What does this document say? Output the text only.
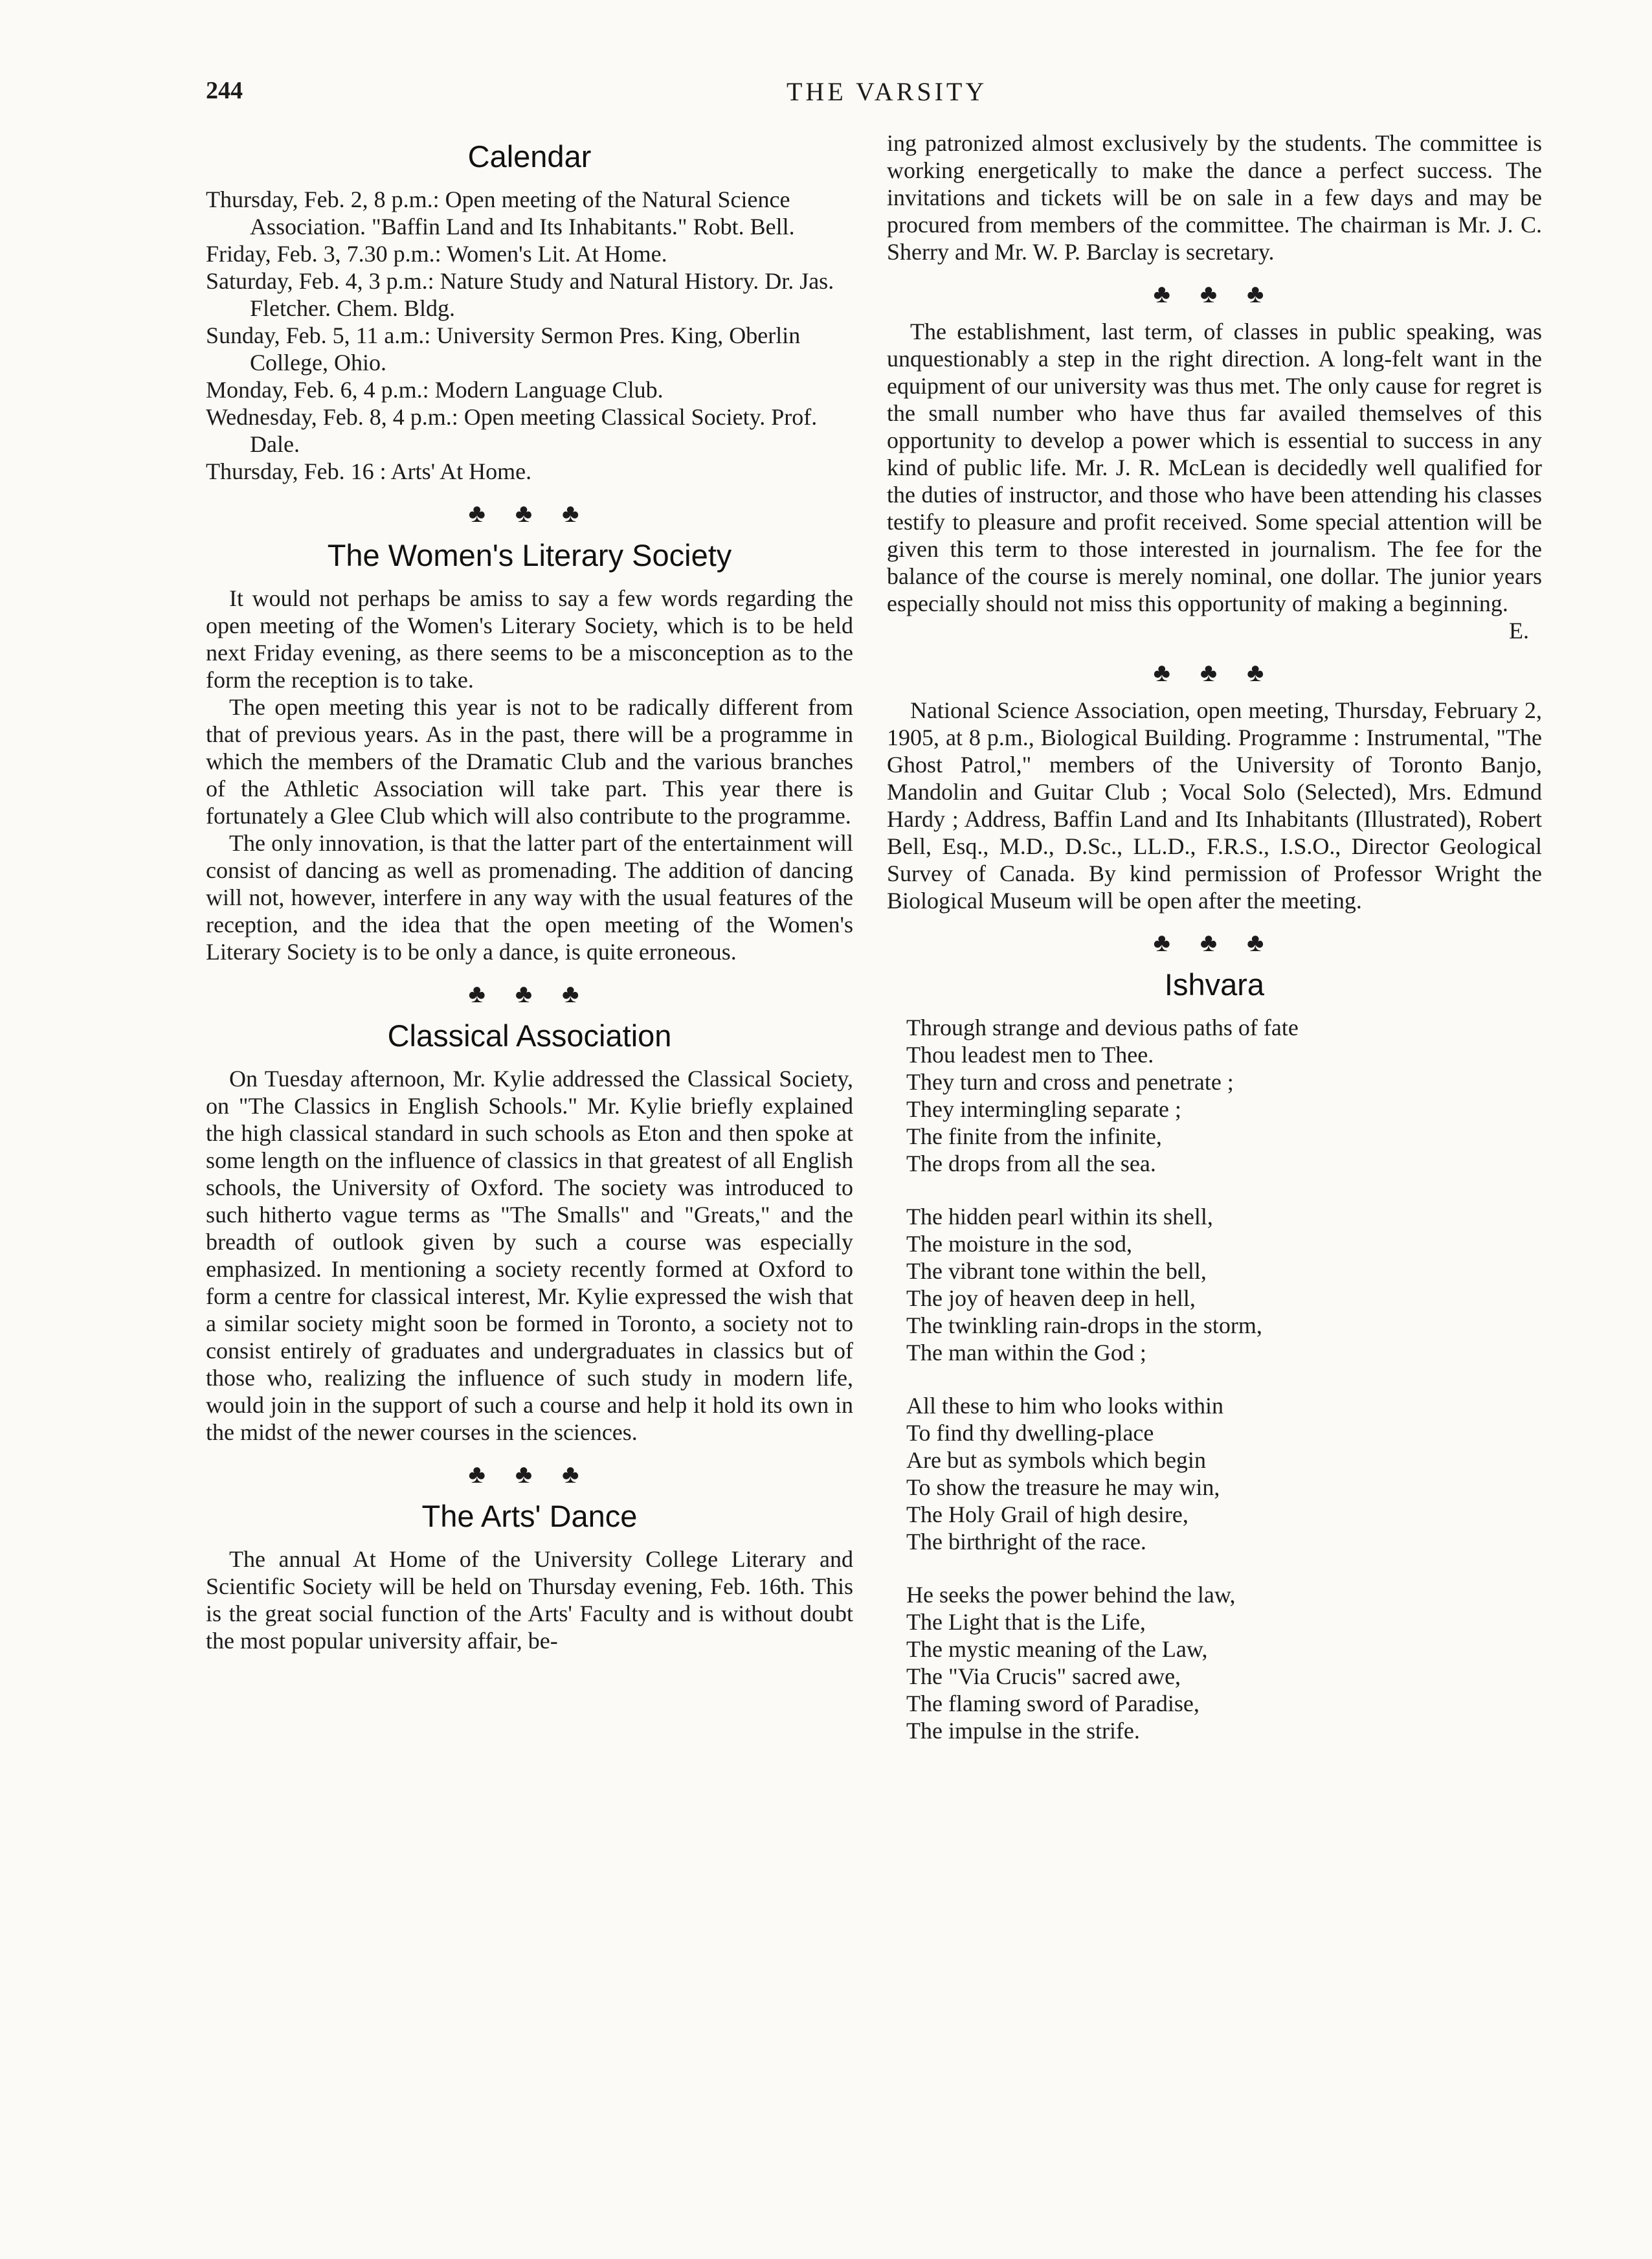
244	THE VARSITY
Calendar
Thursday, Feb. 2, 8 p.m.: Open meeting of the Natural Science Association. "Baffin Land and Its Inhabitants." Robt. Bell.
Friday, Feb. 3, 7.30 p.m.: Women's Lit. At Home.
Saturday, Feb. 4, 3 p.m.: Nature Study and Natural History. Dr. Jas. Fletcher. Chem. Bldg.
Sunday, Feb. 5, 11 a.m.: University Sermon Pres. King, Oberlin College, Ohio.
Monday, Feb. 6, 4 p.m.: Modern Language Club.
Wednesday, Feb. 8, 4 p.m.: Open meeting Classical Society. Prof. Dale.
Thursday, Feb. 16 : Arts' At Home.
♣ ♣ ♣
The Women's Literary Society

It would not perhaps be amiss to say a few words regarding the open meeting of the Women's Literary Society, which is to be held next Friday evening, as there seems to be a misconception as to the form the reception is to take.

The open meeting this year is not to be radically different from that of previous years. As in the past, there will be a programme in which the members of the Dramatic Club and the various branches of the Athletic Association will take part. This year there is fortunately a Glee Club which will also contribute to the programme.

The only innovation, is that the latter part of the entertainment will consist of dancing as well as promenading. The addition of dancing will not, however, interfere in any way with the usual features of the reception, and the idea that the open meeting of the Women's Literary Society is to be only a dance, is quite erroneous.

♣ ♣ ♣
Classical Association

On Tuesday afternoon, Mr. Kylie addressed the Classical Society, on "The Classics in English Schools." Mr. Kylie briefly explained the high classical standard in such schools as Eton and then spoke at some length on the influence of classics in that greatest of all English schools, the University of Oxford. The society was introduced to such hitherto vague terms as "The Smalls" and "Greats," and the breadth of outlook given by such a course was especially emphasized. In mentioning a society recently formed at Oxford to form a centre for classical interest, Mr. Kylie expressed the wish that a similar society might soon be formed in Toronto, a society not to consist entirely of graduates and undergraduates in classics but of those who, realizing the influence of such study in modern life, would join in the support of such a course and help it hold its own in the midst of the newer courses in the sciences.

♣ ♣ ♣
The Arts' Dance

The annual At Home of the University College Literary and Scientific Society will be held on Thursday evening, Feb. 16th. This is the great social function of the Arts' Faculty and is without doubt the most popular university affair, be-

ing patronized almost exclusively by the students. The committee is working energetically to make the dance a perfect success. The invitations and tickets will be on sale in a few days and may be procured from members of the committee. The chairman is Mr. J. C. Sherry and Mr. W. P. Barclay is secretary.

♣ ♣ ♣

The establishment, last term, of classes in public speaking, was unquestionably a step in the right direction. A long-felt want in the equipment of our university was thus met. The only cause for regret is the small number who have thus far availed themselves of this opportunity to develop a power which is essential to success in any kind of public life. Mr. J. R. McLean is decidedly well qualified for the duties of instructor, and those who have been attending his classes testify to pleasure and profit received. Some special attention will be given this term to those interested in journalism. The fee for the balance of the course is merely nominal, one dollar. The junior years especially should not miss this opportunity of making a beginning.

E.
♣ ♣ ♣

National Science Association, open meeting, Thursday, February 2, 1905, at 8 p.m., Biological Building. Programme : Instrumental, "The Ghost Patrol," members of the University of Toronto Banjo, Mandolin and Guitar Club ; Vocal Solo (Selected), Mrs. Edmund Hardy ; Address, Baffin Land and Its Inhabitants (Illustrated), Robert Bell, Esq., M.D., D.Sc., LL.D., F.R.S., I.S.O., Director Geological Survey of Canada. By kind permission of Professor Wright the Biological Museum will be open after the meeting.

♣ ♣ ♣
Ishvara
Through strange and devious paths of fate
Thou leadest men to Thee.
They turn and cross and penetrate ;
They intermingling separate ;
The finite from the infinite,
The drops from all the sea.
The hidden pearl within its shell,
The moisture in the sod,
The vibrant tone within the bell,
The joy of heaven deep in hell,
The twinkling rain-drops in the storm,
The man within the God ;
All these to him who looks within
To find thy dwelling-place
Are but as symbols which begin
To show the treasure he may win,
The Holy Grail of high desire,
The birthright of the race.
He seeks the power behind the law,
The Light that is the Life,
The mystic meaning of the Law,
The "Via Crucis" sacred awe,
The flaming sword of Paradise,
The impulse in the strife.
